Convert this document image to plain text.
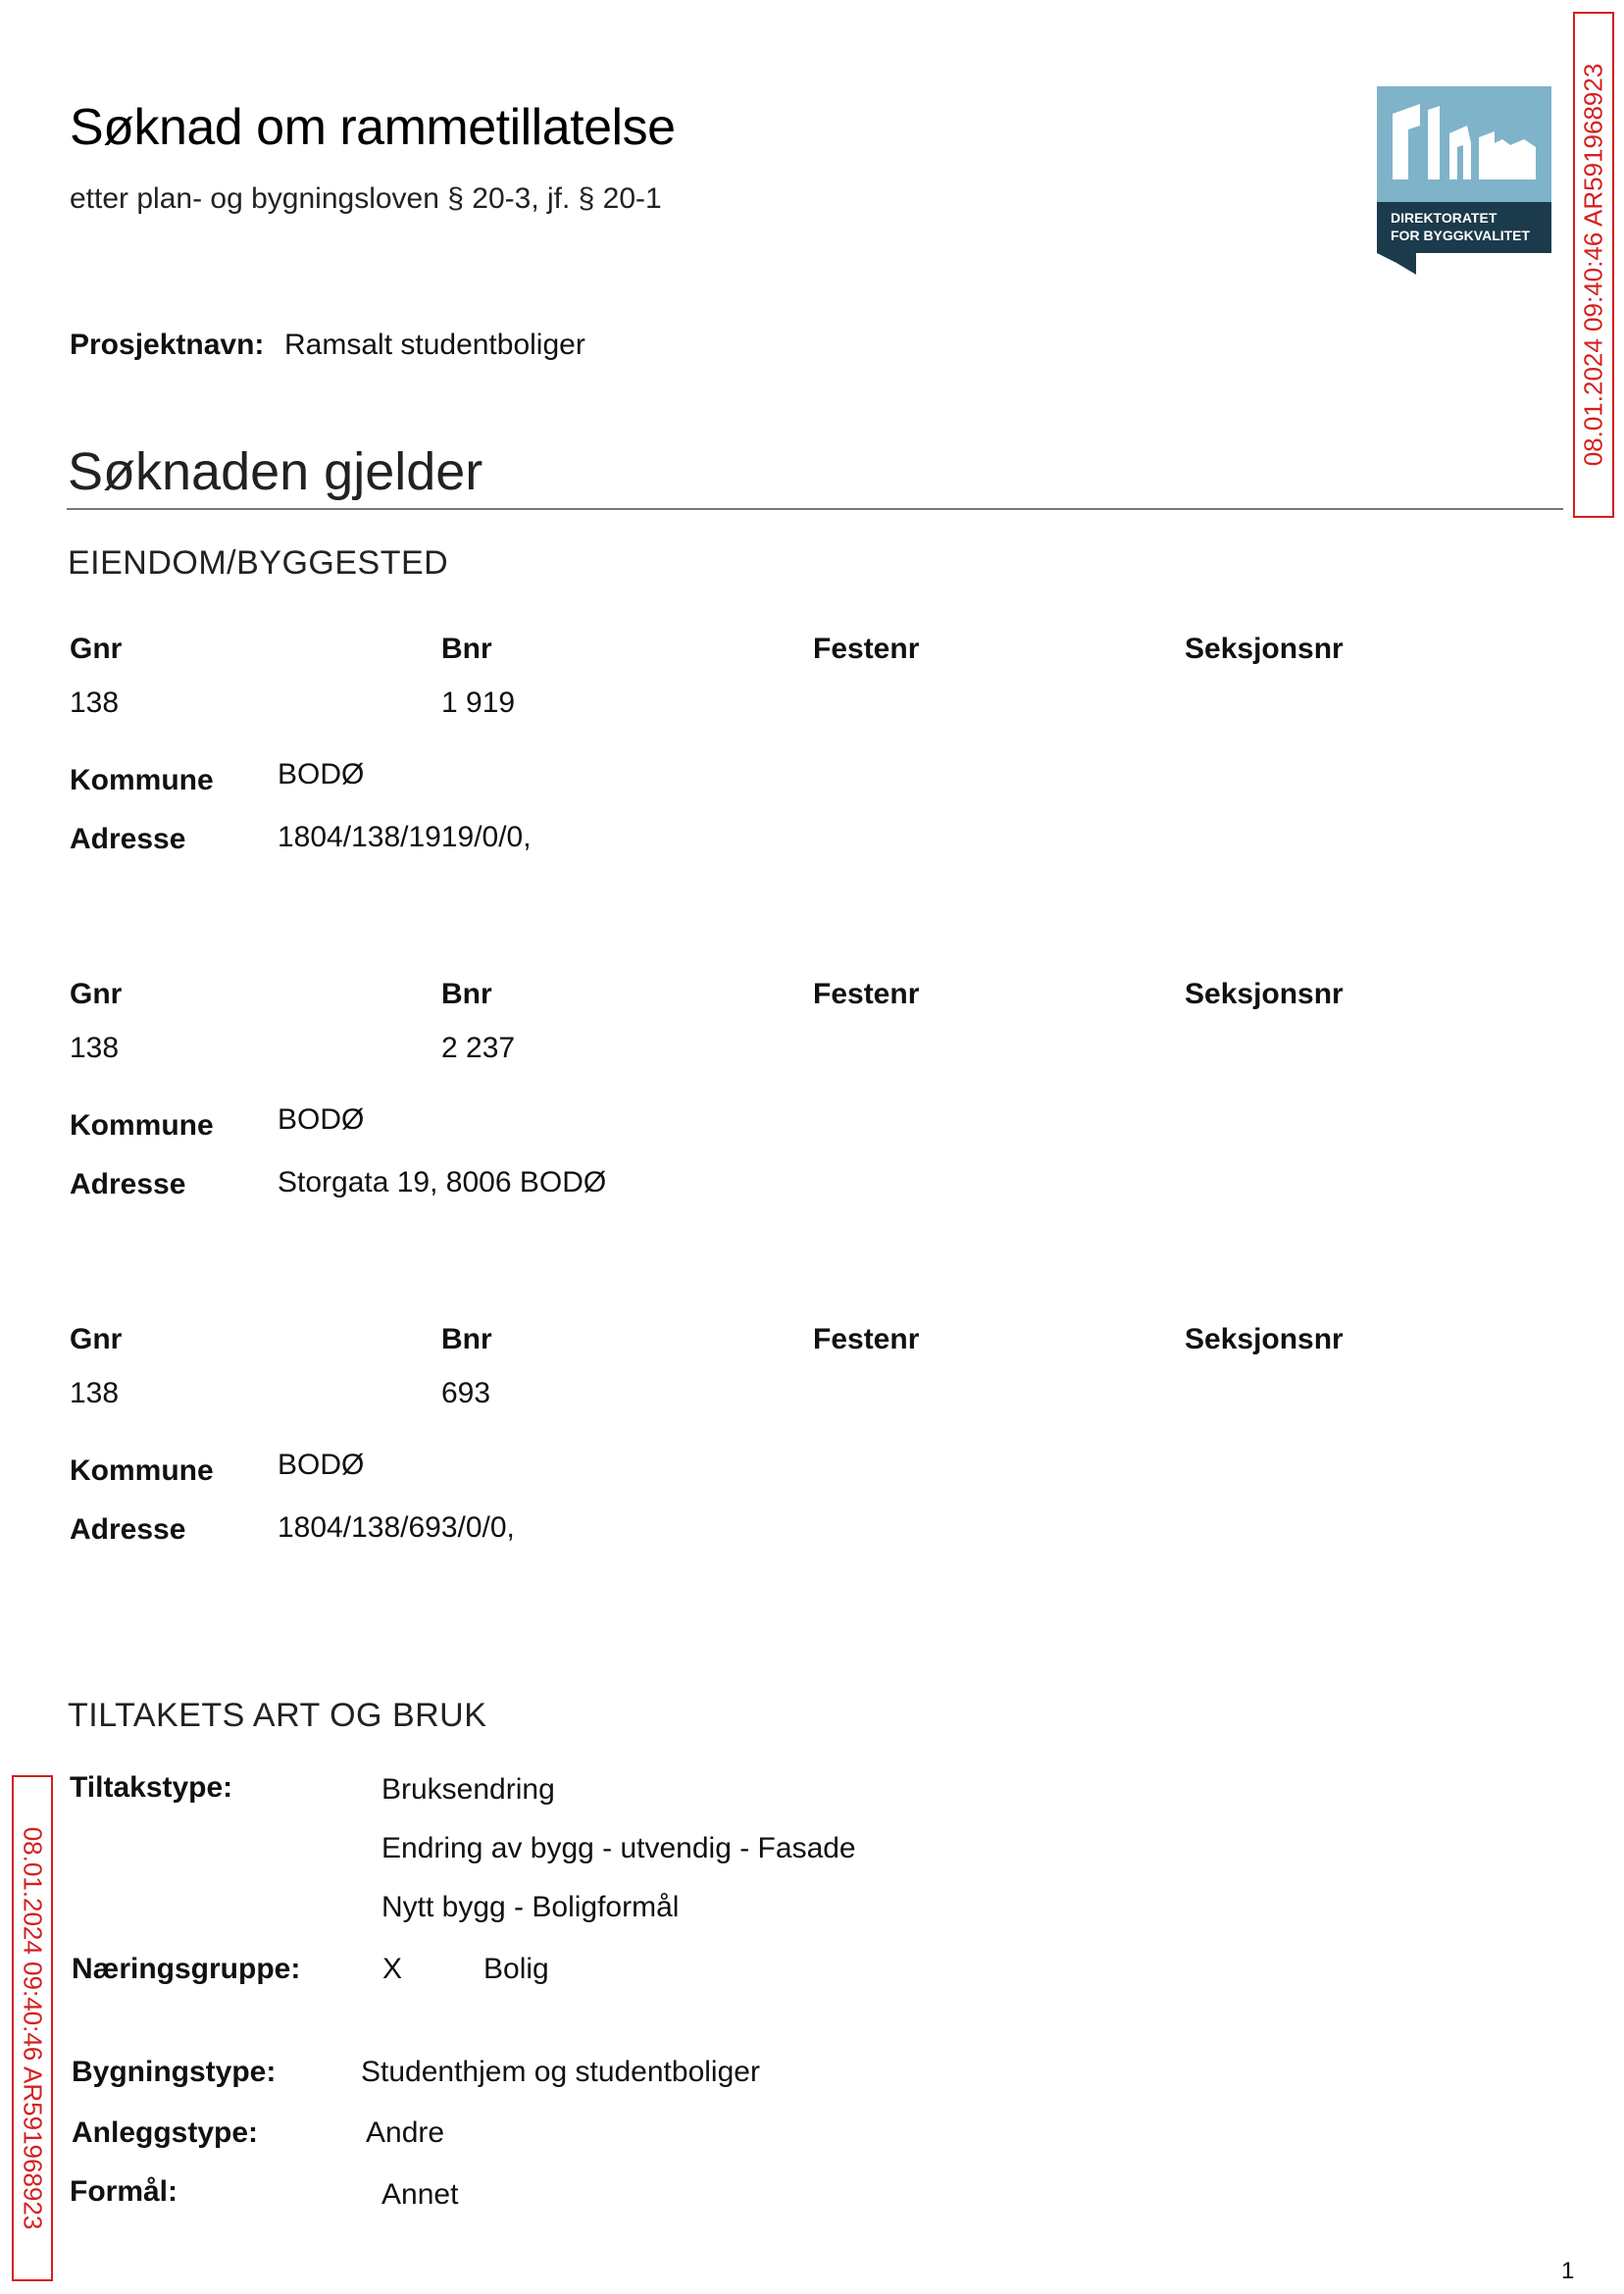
Søknad om rammetillatelse
etter plan- og bygningsloven § 20-3, jf. § 20-1
DIREKTORATET
FOR BYGGKVALITET 08.01.2024 09:40:46 AR591968923
08.01.2024 09:40:46 AR591968923
Prosjektnavn: Ramsalt studentboliger
Søknaden gjelder
EIENDOM/BYGGESTED
Gnr	Bnr	Festenr	Seksjonsnr
138	1 919
Kommune BODØ
Adresse	1804/138/1919/0/0,
Gnr	Bnr	Festenr	Seksjonsnr
138	2 237
Kommune BODØ
Adresse	Storgata 19, 8006 BODØ
Gnr	Bnr	Festenr	Seksjonsnr
138	693
Kommune BODØ
Adresse	1804/138/693/0/0,
TILTAKETS ART OG BRUK
Tiltakstype:	Bruksendring
Endring av bygg - utvendig - Fasade
Nytt bygg - Boligformål
Næringsgruppe:	X	Bolig
Bygningstype:	Studenthjem og studentboliger
Anleggstype:	Andre
Formål:	Annet
1
